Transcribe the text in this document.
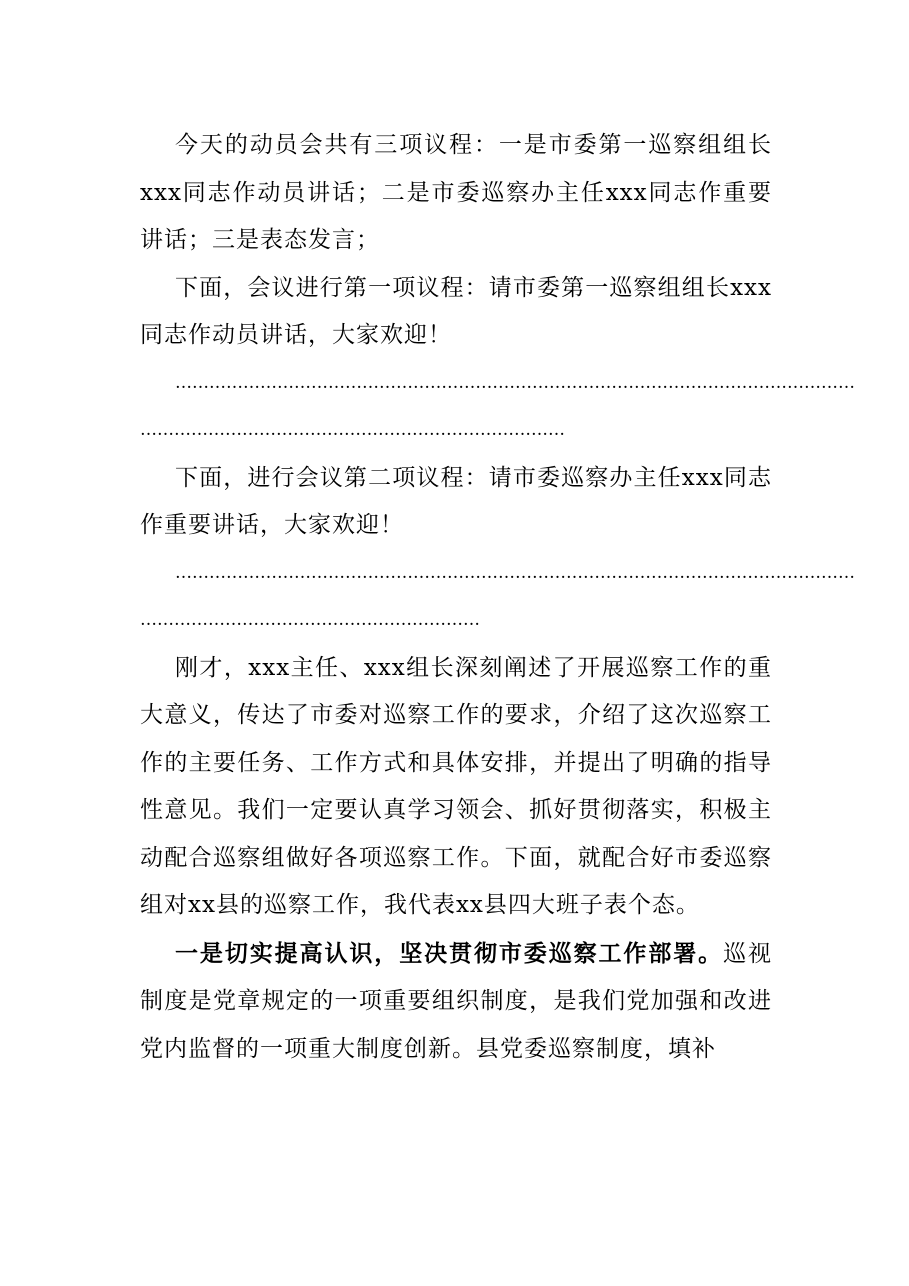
今天的动员会共有三项议程：一是市委第一巡察组组长xxx同志作动员讲话；二是市委巡察办主任xxx同志作重要讲话；三是表态发言；

下面，会议进行第一项议程：请市委第一巡察组组长xxx同志作动员讲话，大家欢迎！

…………………………………………………………………………………………………………

…………………………………………………………………

下面，进行会议第二项议程：请市委巡察办主任xxx同志作重要讲话，大家欢迎！

…………………………………………………………………………………………………………

……………………………………………………

刚才，xxx主任、xxx组长深刻阐述了开展巡察工作的重大意义，传达了市委对巡察工作的要求，介绍了这次巡察工作的主要任务、工作方式和具体安排，并提出了明确的指导性意见。我们一定要认真学习领会、抓好贯彻落实，积极主动配合巡察组做好各项巡察工作。下面，就配合好市委巡察组对xx县的巡察工作，我代表xx县四大班子表个态。

一是切实提高认识，坚决贯彻市委巡察工作部署。巡视制度是党章规定的一项重要组织制度，是我们党加强和改进党内监督的一项重大制度创新。县党委巡察制度，填补
